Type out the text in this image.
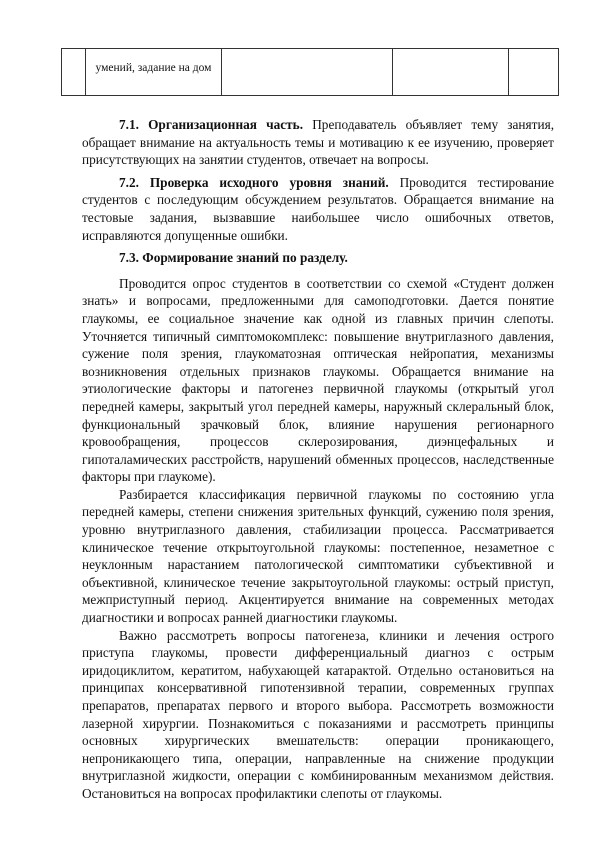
умений, задание на дом

7.1. Организационная часть. Преподаватель объявляет тему занятия, обращает внимание на актуальность темы и мотивацию к ее изучению, проверяет присутствующих на занятии студентов, отвечает на вопросы.

7.2. Проверка исходного уровня знаний. Проводится тестирование студентов с последующим обсуждением результатов. Обращается внимание на тестовые задания, вызвавшие наибольшее число ошибочных ответов, исправляются допущенные ошибки.

7.3. Формирование знаний по разделу.

Проводится опрос студентов в соответствии со схемой «Студент должен знать» и вопросами, предложенными для самоподготовки. Дается понятие глаукомы, ее социальное значение как одной из главных причин слепоты. Уточняется типичный симптомокомплекс: повышение внутриглазного давления, сужение поля зрения, глаукоматозная оптическая нейропатия, механизмы возникновения отдельных признаков глаукомы. Обращается внимание на этиологические факторы и патогенез первичной глаукомы (открытый угол передней камеры, закрытый угол передней камеры, наружный склеральный блок, функциональный зрачковый блок, влияние нарушения регионарного кровообращения, процессов склерозирования, диэнцефальных и гипоталамических расстройств, нарушений обменных процессов, наследственные факторы при глаукоме).

Разбирается классификация первичной глаукомы по состоянию угла передней камеры, степени снижения зрительных функций, сужению поля зрения, уровню внутриглазного давления, стабилизации процесса. Рассматривается клиническое течение открытоугольной глаукомы: постепенное, незаметное с неуклонным нарастанием патологической симптоматики субъективной и объективной, клиническое течение закрытоугольной глаукомы: острый приступ, межприступный период. Акцентируется внимание на современных методах диагностики и вопросах ранней диагностики глаукомы.

Важно рассмотреть вопросы патогенеза, клиники и лечения острого приступа глаукомы, провести дифференциальный диагноз с острым иридоциклитом, кератитом, набухающей катарактой. Отдельно остановиться на принципах консервативной гипотензивной терапии, современных группах препаратов, препаратах первого и второго выбора. Рассмотреть возможности лазерной хирургии. Познакомиться с показаниями и рассмотреть принципы основных хирургических вмешательств: операции проникающего, непроникающего типа, операции, направленные на снижение продукции внутриглазной жидкости, операции с комбинированным механизмом действия. Остановиться на вопросах профилактики слепоты от глаукомы.
